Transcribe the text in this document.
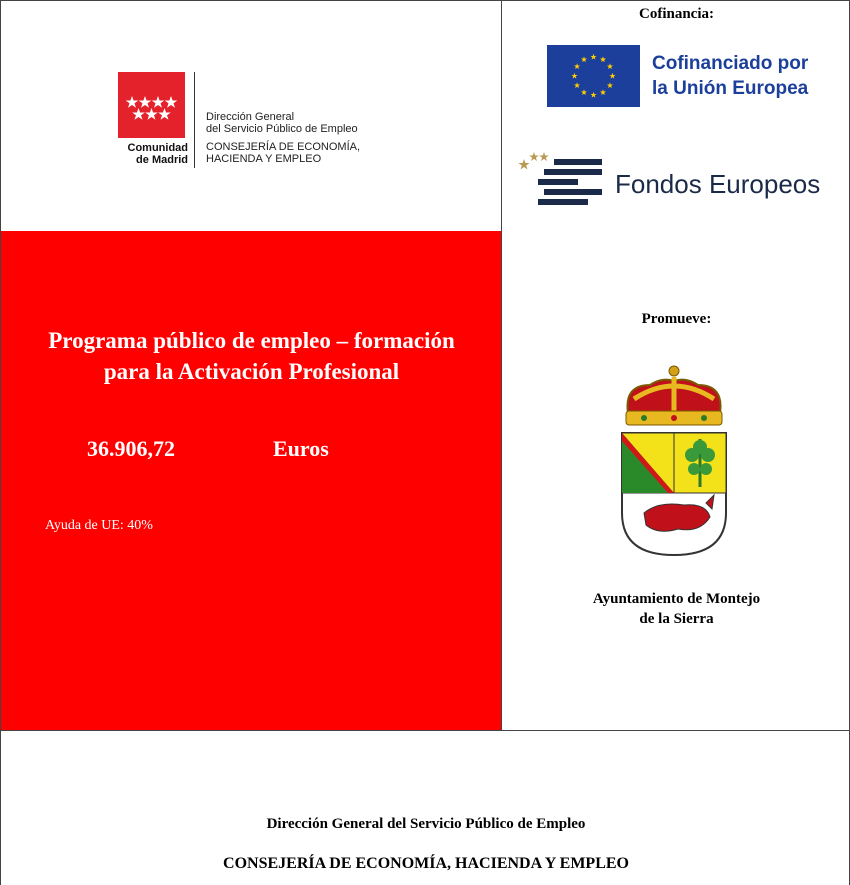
Comunidad
de Madrid
Dirección General
del Servicio Público de Empleo
CONSEJERÍA DE ECONOMÍA,
HACIENDA Y EMPLEO
Programa público de empleo – formación
para la Activación Profesional
36.906,72	Euros
Ayuda de UE: 40%
Cofinancia:
Cofinanciado por
la Unión Europea
Fondos Europeos
Promueve:
Ayuntamiento de Montejo
de la Sierra
Dirección General del Servicio Público de Empleo
CONSEJERÍA DE ECONOMÍA, HACIENDA Y EMPLEO
